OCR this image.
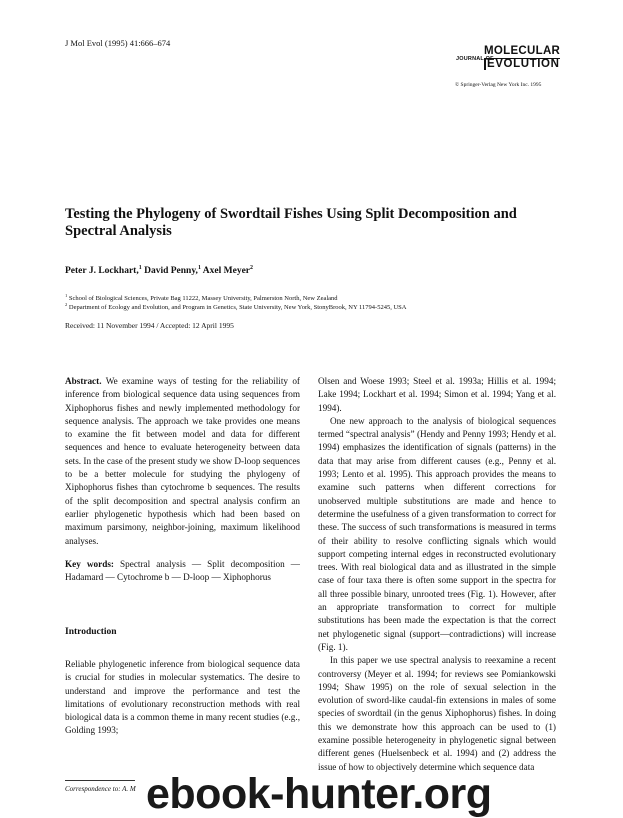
J Mol Evol (1995) 41:666–674
JOURNAL OF
MOLECULAR
EVOLUTION
© Springer-Verlag New York Inc. 1995
Testing the Phylogeny of Swordtail Fishes Using Split Decomposition and Spectral Analysis
Peter J. Lockhart,$^1$ David Penny,$^1$ Axel Meyer$^2$
$^1$ School of Biological Sciences, Private Bag 11222, Massey University, Palmerston North, New Zealand
$^2$ Department of Ecology and Evolution, and Program in Genetics, State University, New York, StonyBrook, NY 11794-5245, USA
Received: 11 November 1994 / Accepted: 12 April 1995

Abstract. We examine ways of testing for the reliability of inference from biological sequence data using sequences from Xiphophorus fishes and newly implemented methodology for sequence analysis. The approach we take provides one means to examine the fit between model and data for different sequences and hence to evaluate heterogeneity between data sets. In the case of the present study we show D-loop sequences to be a better molecule for studying the phylogeny of Xiphophorus fishes than cytochrome b sequences. The results of the split decomposition and spectral analysis confirm an earlier phylogenetic hypothesis which had been based on maximum parsimony, neighbor-joining, maximum likelihood analyses.

Key words: Spectral analysis — Split decomposition — Hadamard — Cytochrome b — D-loop — Xiphophorus

Introduction

Reliable phylogenetic inference from biological sequence data is crucial for studies in molecular systematics. The desire to understand and improve the performance and test the limitations of evolutionary reconstruction methods with real biological data is a common theme in many recent studies (e.g., Golding 1993;

Olsen and Woese 1993; Steel et al. 1993a; Hillis et al. 1994; Lake 1994; Lockhart et al. 1994; Simon et al. 1994; Yang et al. 1994).

One new approach to the analysis of biological sequences termed “spectral analysis” (Hendy and Penny 1993; Hendy et al. 1994) emphasizes the identification of signals (patterns) in the data that may arise from different causes (e.g., Penny et al. 1993; Lento et al. 1995). This approach provides the means to examine such patterns when different corrections for unobserved multiple substitutions are made and hence to determine the usefulness of a given transformation to correct for these. The success of such transformations is measured in terms of their ability to resolve conflicting signals which would support competing internal edges in reconstructed evolutionary trees. With real biological data and as illustrated in the simple case of four taxa there is often some support in the spectra for all three possible binary, unrooted trees (Fig. 1). However, after an appropriate transformation to correct for multiple substitutions has been made the expectation is that the correct net phylogenetic signal (support—contradictions) will increase (Fig. 1).

In this paper we use spectral analysis to reexamine a recent controversy (Meyer et al. 1994; for reviews see Pomiankowski 1994; Shaw 1995) on the role of sexual selection in the evolution of sword-like caudal-fin extensions in males of some species of swordtail (in the genus Xiphophorus) fishes. In doing this we demonstrate how this approach can be used to (1) examine possible heterogeneity in phylogenetic signal between different genes (Huelsenbeck et al. 1994) and (2) address the issue of how to objectively determine which sequence data

Correspondence to: A. M ebook-hunter.org
